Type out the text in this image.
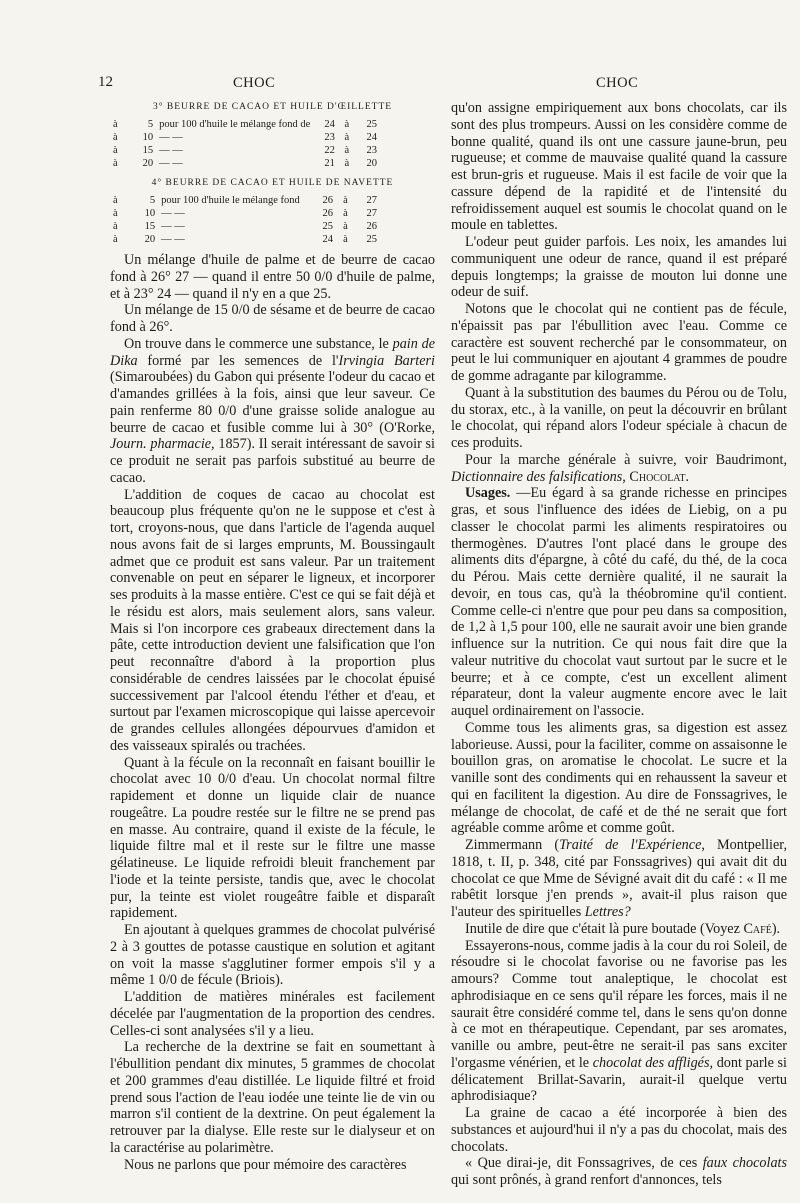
12	CHOC	CHOC
3° BEURRE DE CACAO ET HUILE D'ŒILLETTE
à	5	pour 100 d'huile le mélange fond de	24	à	25
à	10	— —	23	à	24
à	15	— —	22	à	23
à	20	— —	21	à	20
4° BEURRE DE CACAO ET HUILE DE NAVETTE
à	5	pour 100 d'huile le mélange fond	26	à	27
à	10	— —	26	à	27
à	15	— —	25	à	26
à	20	— —	24	à	25

Un mélange d'huile de palme et de beurre de cacao fond à 26° 27 — quand il entre 50 0/0 d'huile de palme, et à 23° 24 — quand il n'y en a que 25.

Un mélange de 15 0/0 de sésame et de beurre de cacao fond à 26°.

On trouve dans le commerce une substance, le pain de Dika formé par les semences de l'Irvingia Barteri (Simaroubées) du Gabon qui présente l'odeur du cacao et d'amandes grillées à la fois, ainsi que leur saveur. Ce pain renferme 80 0/0 d'une graisse solide analogue au beurre de cacao et fusible comme lui à 30° (O'Rorke, Journ. pharmacie, 1857). Il serait intéressant de savoir si ce produit ne serait pas parfois substitué au beurre de cacao.

L'addition de coques de cacao au chocolat est beaucoup plus fréquente qu'on ne le suppose et c'est à tort, croyons-nous, que dans l'article de l'agenda auquel nous avons fait de si larges emprunts, M. Boussingault admet que ce produit est sans valeur. Par un traitement convenable on peut en séparer le ligneux, et incorporer ses produits à la masse entière. C'est ce qui se fait déjà et le résidu est alors, mais seulement alors, sans valeur. Mais si l'on incorpore ces grabeaux directement dans la pâte, cette introduction devient une falsification que l'on peut reconnaître d'abord à la proportion plus considérable de cendres laissées par le chocolat épuisé successivement par l'alcool étendu l'éther et d'eau, et surtout par l'examen microscopique qui laisse apercevoir de grandes cellules allongées dépourvues d'amidon et des vaisseaux spiralés ou trachées.

Quant à la fécule on la reconnaît en faisant bouillir le chocolat avec 10 0/0 d'eau. Un chocolat normal filtre rapidement et donne un liquide clair de nuance rougeâtre. La poudre restée sur le filtre ne se prend pas en masse. Au contraire, quand il existe de la fécule, le liquide filtre mal et il reste sur le filtre une masse gélatineuse. Le liquide refroidi bleuit franchement par l'iode et la teinte persiste, tandis que, avec le chocolat pur, la teinte est violet rougeâtre faible et disparaît rapidement.

En ajoutant à quelques grammes de chocolat pulvérisé 2 à 3 gouttes de potasse caustique en solution et agitant on voit la masse s'agglutiner former empois s'il y a même 1 0/0 de fécule (Briois).

L'addition de matières minérales est facilement décelée par l'augmentation de la proportion des cendres. Celles-ci sont analysées s'il y a lieu.

La recherche de la dextrine se fait en soumettant à l'ébullition pendant dix minutes, 5 grammes de chocolat et 200 grammes d'eau distillée. Le liquide filtré et froid prend sous l'action de l'eau iodée une teinte lie de vin ou marron s'il contient de la dextrine. On peut également la retrouver par la dialyse. Elle reste sur le dialyseur et on la caractérise au polarimètre.

Nous ne parlons que pour mémoire des caractères

qu'on assigne empiriquement aux bons chocolats, car ils sont des plus trompeurs. Aussi on les considère comme de bonne qualité, quand ils ont une cassure jaune-brun, peu rugueuse; et comme de mauvaise qualité quand la cassure est brun-gris et rugueuse. Mais il est facile de voir que la cassure dépend de la rapidité et de l'intensité du refroidissement auquel est soumis le chocolat quand on le moule en tablettes.

L'odeur peut guider parfois. Les noix, les amandes lui communiquent une odeur de rance, quand il est préparé depuis longtemps; la graisse de mouton lui donne une odeur de suif.

Notons que le chocolat qui ne contient pas de fécule, n'épaissit pas par l'ébullition avec l'eau. Comme ce caractère est souvent recherché par le consommateur, on peut le lui communiquer en ajoutant 4 grammes de poudre de gomme adragante par kilogramme.

Quant à la substitution des baumes du Pérou ou de Tolu, du storax, etc., à la vanille, on peut la découvrir en brûlant le chocolat, qui répand alors l'odeur spéciale à chacun de ces produits.

Pour la marche générale à suivre, voir Baudrimont, Dictionnaire des falsifications, Chocolat.

Usages. —Eu égard à sa grande richesse en principes gras, et sous l'influence des idées de Liebig, on a pu classer le chocolat parmi les aliments respiratoires ou thermogènes. D'autres l'ont placé dans le groupe des aliments dits d'épargne, à côté du café, du thé, de la coca du Pérou. Mais cette dernière qualité, il ne saurait la devoir, en tous cas, qu'à la théobromine qu'il contient. Comme celle-ci n'entre que pour peu dans sa composition, de 1,2 à 1,5 pour 100, elle ne saurait avoir une bien grande influence sur la nutrition. Ce qui nous fait dire que la valeur nutritive du chocolat vaut surtout par le sucre et le beurre; et à ce compte, c'est un excellent aliment réparateur, dont la valeur augmente encore avec le lait auquel ordinairement on l'associe.

Comme tous les aliments gras, sa digestion est assez laborieuse. Aussi, pour la faciliter, comme on assaisonne le bouillon gras, on aromatise le chocolat. Le sucre et la vanille sont des condiments qui en rehaussent la saveur et qui en facilitent la digestion. Au dire de Fonssagrives, le mélange de chocolat, de café et de thé ne serait que fort agréable comme arôme et comme goût.

Zimmermann (Traité de l'Expérience, Montpellier, 1818, t. II, p. 348, cité par Fonssagrives) qui avait dit du chocolat ce que Mme de Sévigné avait dit du café : « Il me rabêtit lorsque j'en prends », avait-il plus raison que l'auteur des spirituelles Lettres?

Inutile de dire que c'était là pure boutade (Voyez Café).

Essayerons-nous, comme jadis à la cour du roi Soleil, de résoudre si le chocolat favorise ou ne favorise pas les amours? Comme tout analeptique, le chocolat est aphrodisiaque en ce sens qu'il répare les forces, mais il ne saurait être considéré comme tel, dans le sens qu'on donne à ce mot en thérapeutique. Cependant, par ses aromates, vanille ou ambre, peut-être ne serait-il pas sans exciter l'orgasme vénérien, et le chocolat des affligés, dont parle si délicatement Brillat-Savarin, aurait-il quelque vertu aphrodisiaque?

La graine de cacao a été incorporée à bien des substances et aujourd'hui il n'y a pas du chocolat, mais des chocolats.

« Que dirai-je, dit Fonssagrives, de ces faux chocolats qui sont prônés, à grand renfort d'annonces, tels
